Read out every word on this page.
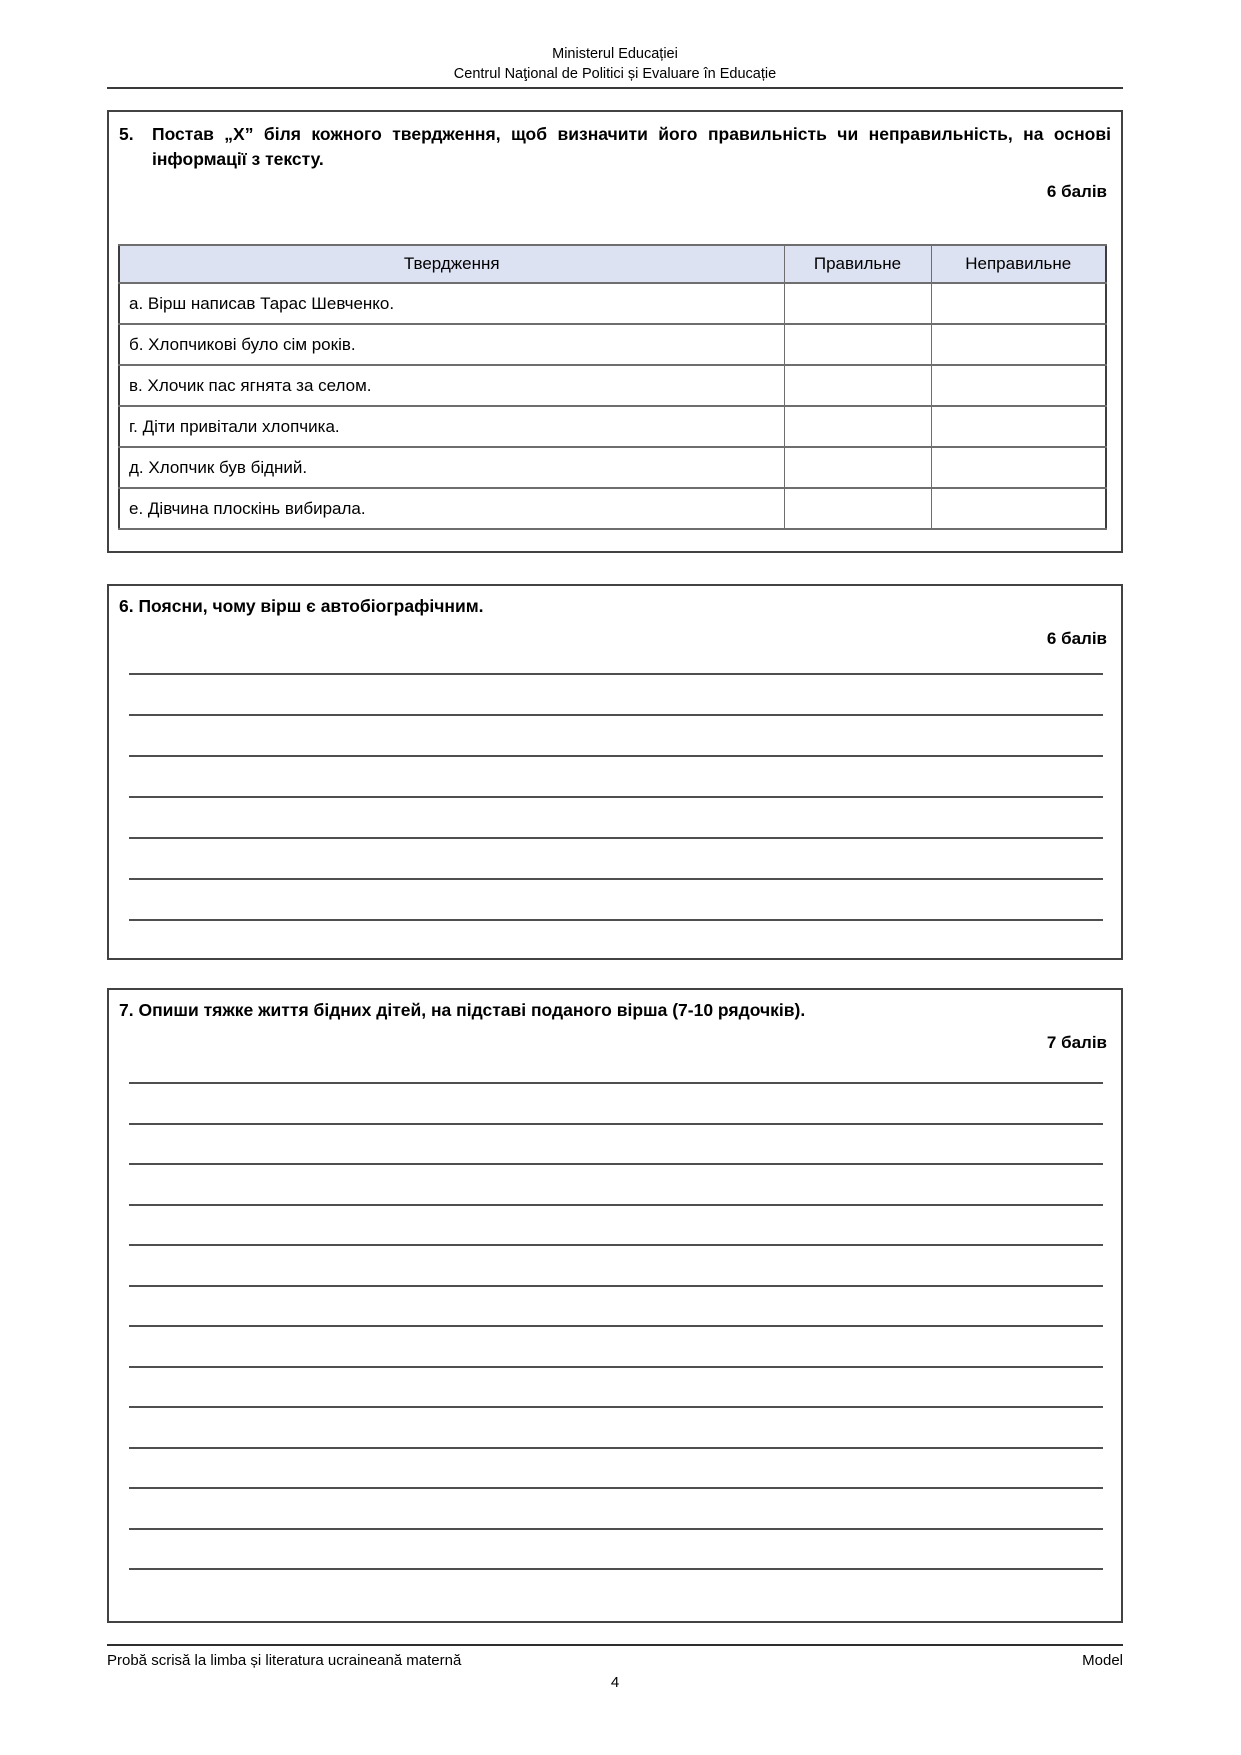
Ministerul Educației
Centrul Naţional de Politici și Evaluare în Educație

5. Постав „Х” біля кожного твердження, щоб визначити його правильність чи неправильність, на основі інформації з тексту.

6 балів
Твердження	Правильне	Неправильне
а. Вірш написав Тарас Шевченко.		
б. Хлопчикові було сім років.		
в. Хлочик пас ягнята за селом.		
г. Діти привітали хлопчика.		
д. Хлопчик був бідний.		
е. Дівчина плоскінь вибирала.		
6. Поясни, чому вірш є автобіографічним.
6 балів
7. Опиши тяжке життя бідних дітей, на підставі поданого вірша (7-10 рядочків).
7 балів
Probă scrisă la limba și literatura ucraineană maternă	Model
4
